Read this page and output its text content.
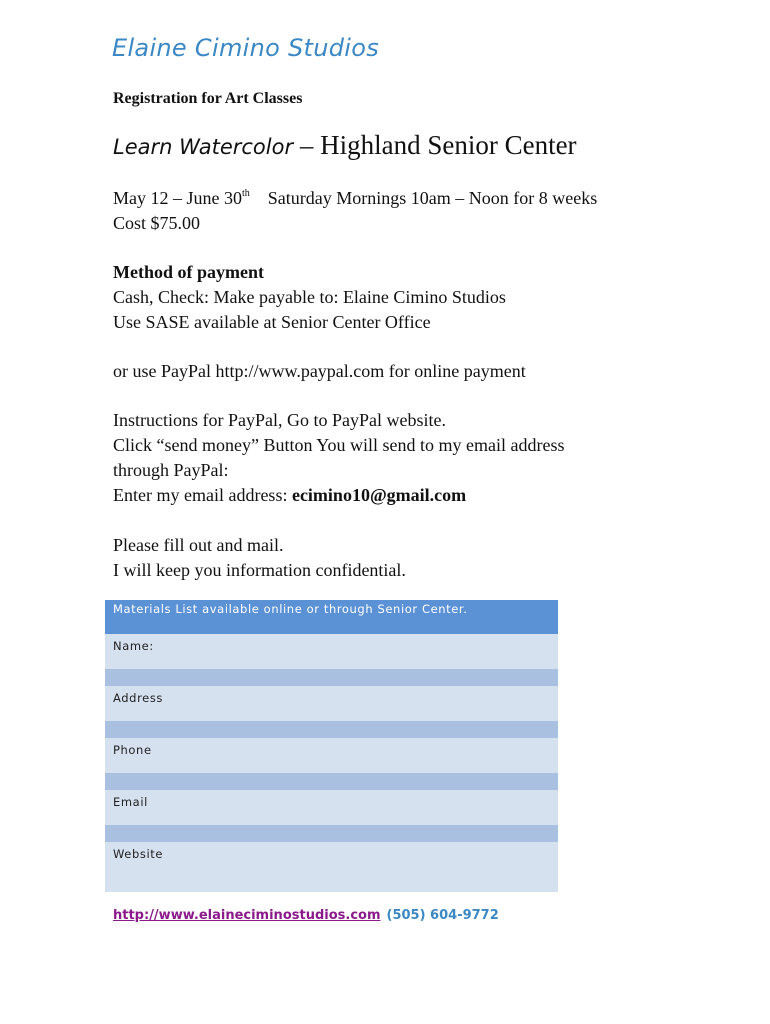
Elaine Cimino Studios
Registration for Art Classes
Learn Watercolor – Highland Senior Center
May 12 – June 30th Saturday Mornings 10am – Noon for 8 weeks
Cost $75.00
Method of payment
Cash, Check: Make payable to: Elaine Cimino Studios
Use SASE available at Senior Center Office
or use PayPal http://www.paypal.com for online payment
Instructions for PayPal, Go to PayPal website.
Click “send money” Button You will send to my email address
through PayPal:
Enter my email address: ecimino10@gmail.com
Please fill out and mail.
I will keep you information confidential.
Materials List available online or through Senior Center.
Name:

Address

Phone

Email

Website
http://www.elaineciminostudios.com (505) 604-9772
